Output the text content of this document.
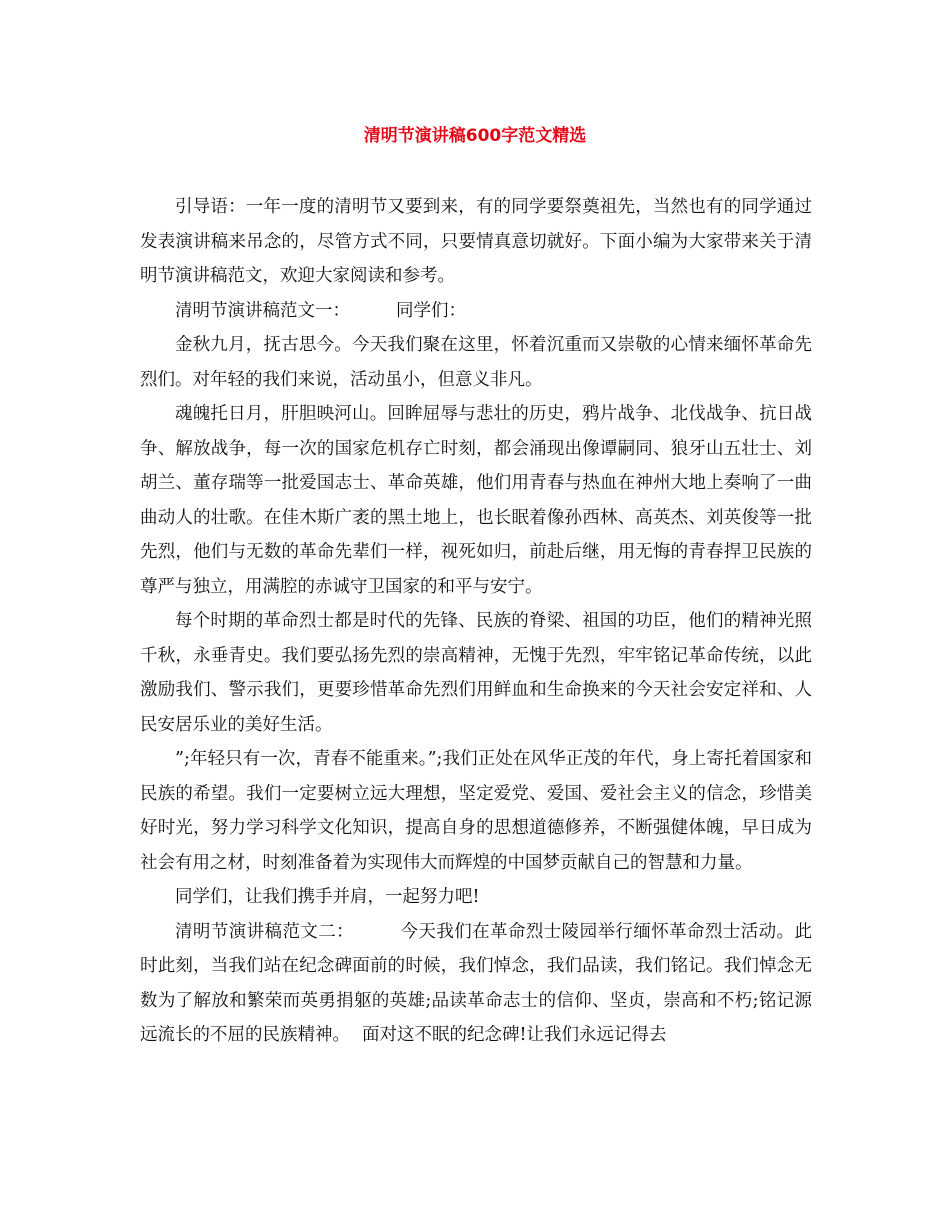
清明节演讲稿600字范文精选

引导语：一年一度的清明节又要到来，有的同学要祭奠祖先，当然也有的同学通过发表演讲稿来吊念的，尽管方式不同，只要情真意切就好。下面小编为大家带来关于清明节演讲稿范文，欢迎大家阅读和参考。

清明节演讲稿范文一：	同学们：

金秋九月，抚古思今。今天我们聚在这里，怀着沉重而又崇敬的心情来缅怀革命先烈们。对年轻的我们来说，活动虽小，但意义非凡。

魂魄托日月，肝胆映河山。回眸屈辱与悲壮的历史，鸦片战争、北伐战争、抗日战争、解放战争，每一次的国家危机存亡时刻，都会涌现出像谭嗣同、狼牙山五壮士、刘胡兰、董存瑞等一批爱国志士、革命英雄，他们用青春与热血在神州大地上奏响了一曲曲动人的壮歌。在佳木斯广袤的黑土地上，也长眠着像孙西林、高英杰、刘英俊等一批先烈，他们与无数的革命先辈们一样，视死如归，前赴后继，用无悔的青春捍卫民族的尊严与独立，用满腔的赤诚守卫国家的和平与安宁。

每个时期的革命烈士都是时代的先锋、民族的脊梁、祖国的功臣，他们的精神光照千秋，永垂青史。我们要弘扬先烈的崇高精神，无愧于先烈，牢牢铭记革命传统，以此激励我们、警示我们，更要珍惜革命先烈们用鲜血和生命换来的今天社会安定祥和、人民安居乐业的美好生活。

”;年轻只有一次，青春不能重来。”;我们正处在风华正茂的年代，身上寄托着国家和民族的希望。我们一定要树立远大理想，坚定爱党、爱国、爱社会主义的信念，珍惜美好时光，努力学习科学文化知识，提高自身的思想道德修养，不断强健体魄，早日成为社会有用之材，时刻准备着为实现伟大而辉煌的中国梦贡献自己的智慧和力量。

同学们，让我们携手并肩，一起努力吧!

清明节演讲稿范文二：	今天我们在革命烈士陵园举行缅怀革命烈士活动。此时此刻，当我们站在纪念碑面前的时候，我们悼念，我们品读，我们铭记。我们悼念无数为了解放和繁荣而英勇捐躯的英雄;品读革命志士的信仰、坚贞，崇高和不朽;铭记源远流长的不屈的民族精神。 面对这不眠的纪念碑!让我们永远记得去
